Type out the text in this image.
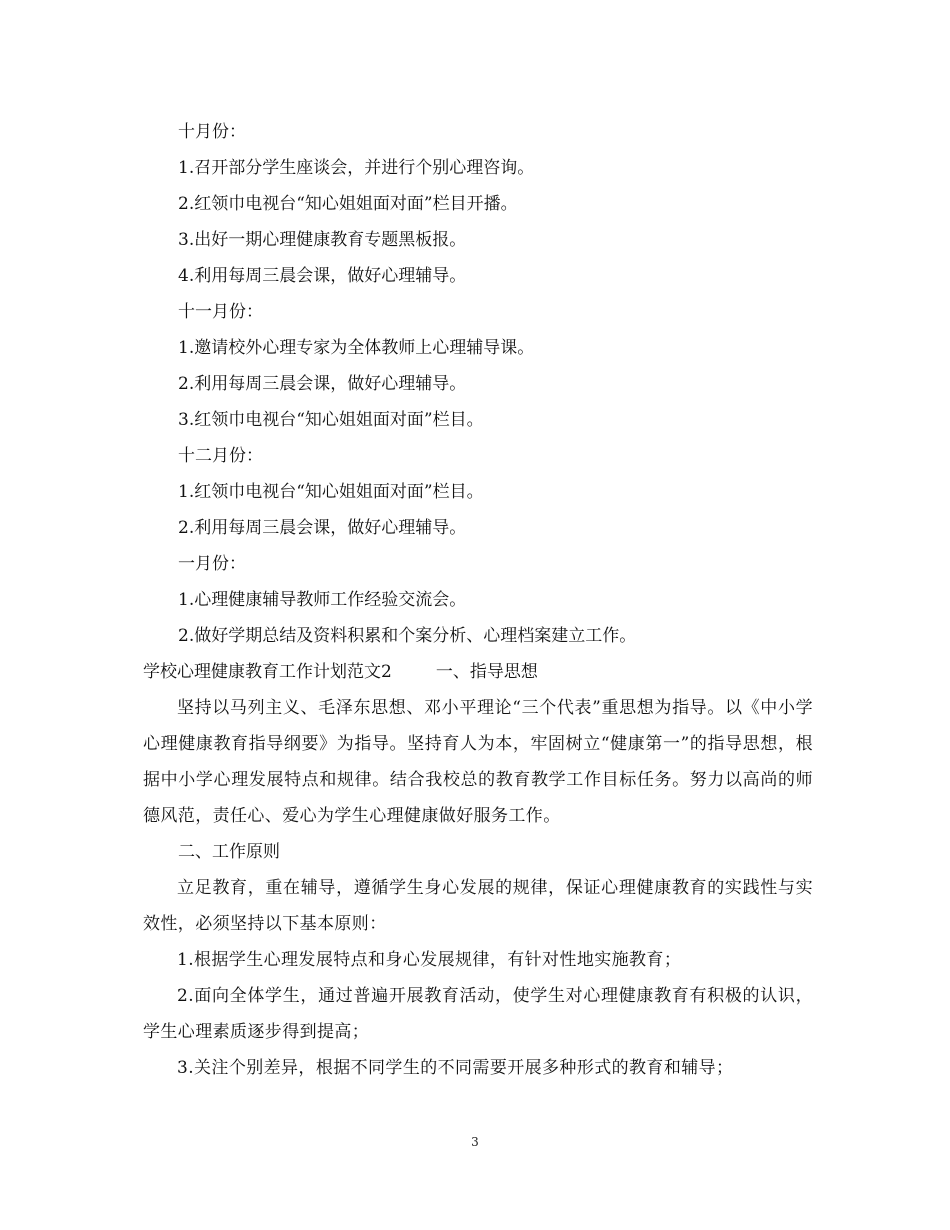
十月份：
1.召开部分学生座谈会，并进行个别心理咨询。
2.红领巾电视台“知心姐姐面对面”栏目开播。
3.出好一期心理健康教育专题黑板报。
4.利用每周三晨会课，做好心理辅导。
十一月份：
1.邀请校外心理专家为全体教师上心理辅导课。
2.利用每周三晨会课，做好心理辅导。
3.红领巾电视台“知心姐姐面对面”栏目。
十二月份：
1.红领巾电视台“知心姐姐面对面”栏目。
2.利用每周三晨会课，做好心理辅导。
一月份：
1.心理健康辅导教师工作经验交流会。
2.做好学期总结及资料积累和个案分析、心理档案建立工作。
学校心理健康教育工作计划范文2	一、指导思想
坚持以马列主义、毛泽东思想、邓小平理论“三个代表”重思想为指导。以《中小学心理健康教育指导纲要》为指导。坚持育人为本，牢固树立“健康第一”的指导思想，根据中小学心理发展特点和规律。结合我校总的教育教学工作目标任务。努力以高尚的师德风范，责任心、爱心为学生心理健康做好服务工作。
二、工作原则
立足教育，重在辅导，遵循学生身心发展的规律，保证心理健康教育的实践性与实效性，必须坚持以下基本原则：
1.根据学生心理发展特点和身心发展规律，有针对性地实施教育；
2.面向全体学生，通过普遍开展教育活动，使学生对心理健康教育有积极的认识，学生心理素质逐步得到提高；
3.关注个别差异，根据不同学生的不同需要开展多种形式的教育和辅导；
3
